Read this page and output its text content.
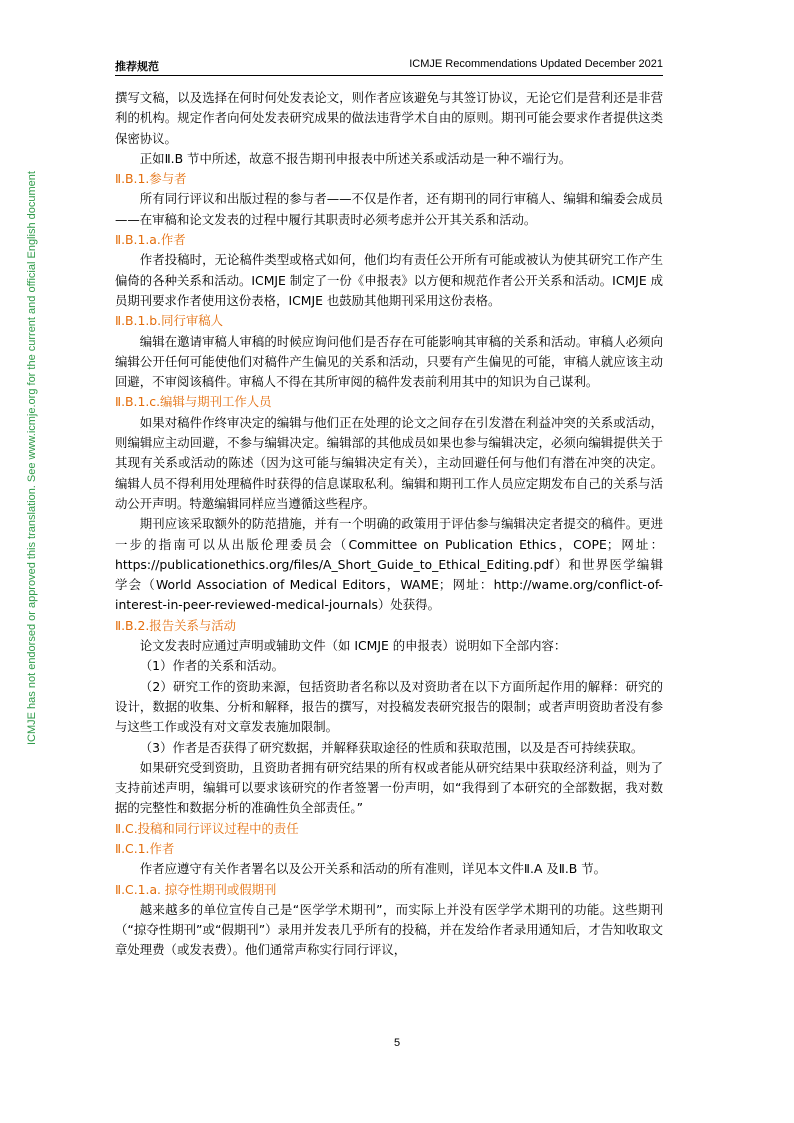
推荐规范	ICMJE Recommendations Updated December 2021
ICMJE has not endorsed or approved this translation. See www.icmje.org for the current and official English document

撰写文稿，以及选择在何时何处发表论文，则作者应该避免与其签订协议，无论它们是营利还是非营利的机构。规定作者向何处发表研究成果的做法违背学术自由的原则。期刊可能会要求作者提供这类保密协议。

正如Ⅱ.B 节中所述，故意不报告期刊申报表中所述关系或活动是一种不端行为。

Ⅱ.B.1.参与者

所有同行评议和出版过程的参与者——不仅是作者，还有期刊的同行审稿人、编辑和编委会成员——在审稿和论文发表的过程中履行其职责时必须考虑并公开其关系和活动。

Ⅱ.B.1.a.作者

作者投稿时，无论稿件类型或格式如何，他们均有责任公开所有可能或被认为使其研究工作产生偏倚的各种关系和活动。ICMJE 制定了一份《申报表》以方便和规范作者公开关系和活动。ICMJE 成员期刊要求作者使用这份表格，ICMJE 也鼓励其他期刊采用这份表格。

Ⅱ.B.1.b.同行审稿人

编辑在邀请审稿人审稿的时候应询问他们是否存在可能影响其审稿的关系和活动。审稿人必须向编辑公开任何可能使他们对稿件产生偏见的关系和活动，只要有产生偏见的可能，审稿人就应该主动回避，不审阅该稿件。审稿人不得在其所审阅的稿件发表前利用其中的知识为自己谋利。

Ⅱ.B.1.c.编辑与期刊工作人员

如果对稿件作终审决定的编辑与他们正在处理的论文之间存在引发潜在利益冲突的关系或活动，则编辑应主动回避，不参与编辑决定。编辑部的其他成员如果也参与编辑决定，必须向编辑提供关于其现有关系或活动的陈述（因为这可能与编辑决定有关），主动回避任何与他们有潜在冲突的决定。编辑人员不得利用处理稿件时获得的信息谋取私利。编辑和期刊工作人员应定期发布自己的关系与活动公开声明。特邀编辑同样应当遵循这些程序。

期刊应该采取额外的防范措施，并有一个明确的政策用于评估参与编辑决定者提交的稿件。更进一步的指南可以从出版伦理委员会（Committee on Publication Ethics，COPE；网址：https://publicationethics.org/files/A_Short_Guide_to_Ethical_Editing.pdf）和世界医学编辑学会（World Association of Medical Editors，WAME；网址：http://wame.org/conflict-of-interest-in-peer-reviewed-medical-journals）处获得。

Ⅱ.B.2.报告关系与活动

论文发表时应通过声明或辅助文件（如 ICMJE 的申报表）说明如下全部内容：

（1）作者的关系和活动。

（2）研究工作的资助来源，包括资助者名称以及对资助者在以下方面所起作用的解释：研究的设计，数据的收集、分析和解释，报告的撰写，对投稿发表研究报告的限制；或者声明资助者没有参与这些工作或没有对文章发表施加限制。

（3）作者是否获得了研究数据，并解释获取途径的性质和获取范围，以及是否可持续获取。

如果研究受到资助，且资助者拥有研究结果的所有权或者能从研究结果中获取经济利益，则为了支持前述声明，编辑可以要求该研究的作者签署一份声明，如“我得到了本研究的全部数据，我对数据的完整性和数据分析的准确性负全部责任。”

Ⅱ.C.投稿和同行评议过程中的责任

Ⅱ.C.1.作者

作者应遵守有关作者署名以及公开关系和活动的所有准则，详见本文件Ⅱ.A 及Ⅱ.B 节。

Ⅱ.C.1.a. 掠夺性期刊或假期刊

越来越多的单位宣传自己是“医学学术期刊”，而实际上并没有医学学术期刊的功能。这些期刊（“掠夺性期刊”或“假期刊”）录用并发表几乎所有的投稿，并在发给作者录用通知后，才告知收取文章处理费（或发表费）。他们通常声称实行同行评议，

5
